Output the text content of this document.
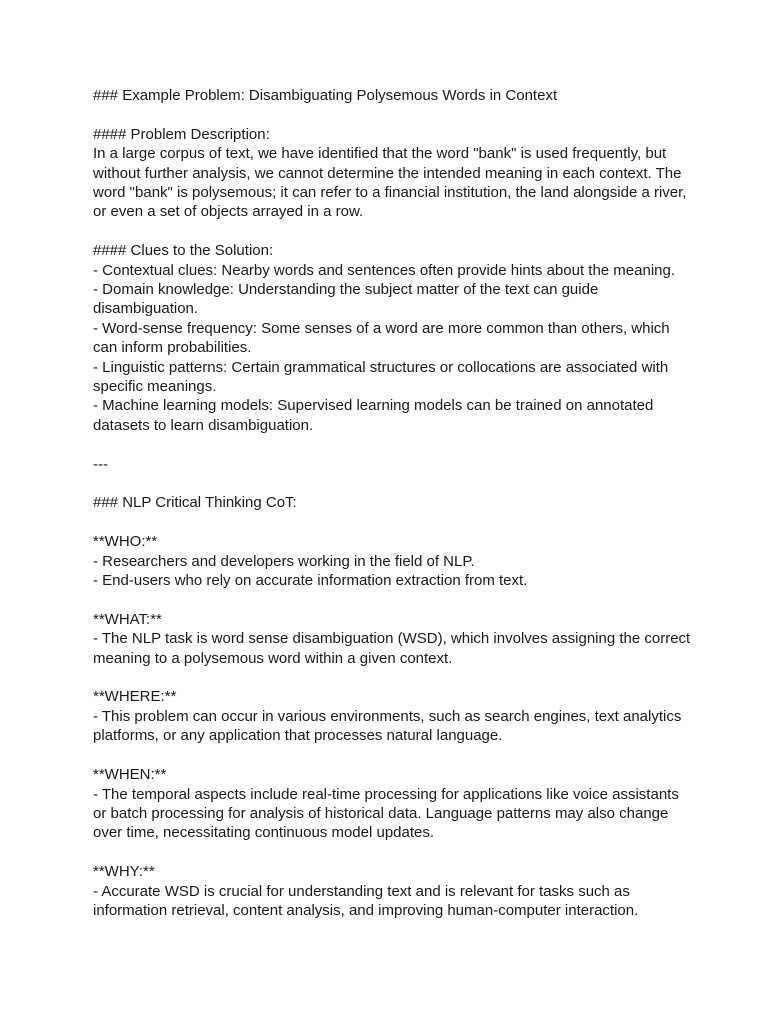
### Example Problem: Disambiguating Polysemous Words in Context

#### Problem Description:

In a large corpus of text, we have identified that the word "bank" is used frequently, but without further analysis, we cannot determine the intended meaning in each context. The word "bank" is polysemous; it can refer to a financial institution, the land alongside a river, or even a set of objects arrayed in a row.

#### Clues to the Solution:

- Contextual clues: Nearby words and sentences often provide hints about the meaning.

- Domain knowledge: Understanding the subject matter of the text can guide disambiguation.

- Word-sense frequency: Some senses of a word are more common than others, which can inform probabilities.

- Linguistic patterns: Certain grammatical structures or collocations are associated with specific meanings.

- Machine learning models: Supervised learning models can be trained on annotated datasets to learn disambiguation.

---

### NLP Critical Thinking CoT:

**WHO:**

- Researchers and developers working in the field of NLP.

- End-users who rely on accurate information extraction from text.

**WHAT:**

- The NLP task is word sense disambiguation (WSD), which involves assigning the correct meaning to a polysemous word within a given context.

**WHERE:**

- This problem can occur in various environments, such as search engines, text analytics platforms, or any application that processes natural language.

**WHEN:**

- The temporal aspects include real-time processing for applications like voice assistants or batch processing for analysis of historical data. Language patterns may also change over time, necessitating continuous model updates.

**WHY:**

- Accurate WSD is crucial for understanding text and is relevant for tasks such as information retrieval, content analysis, and improving human-computer interaction.
